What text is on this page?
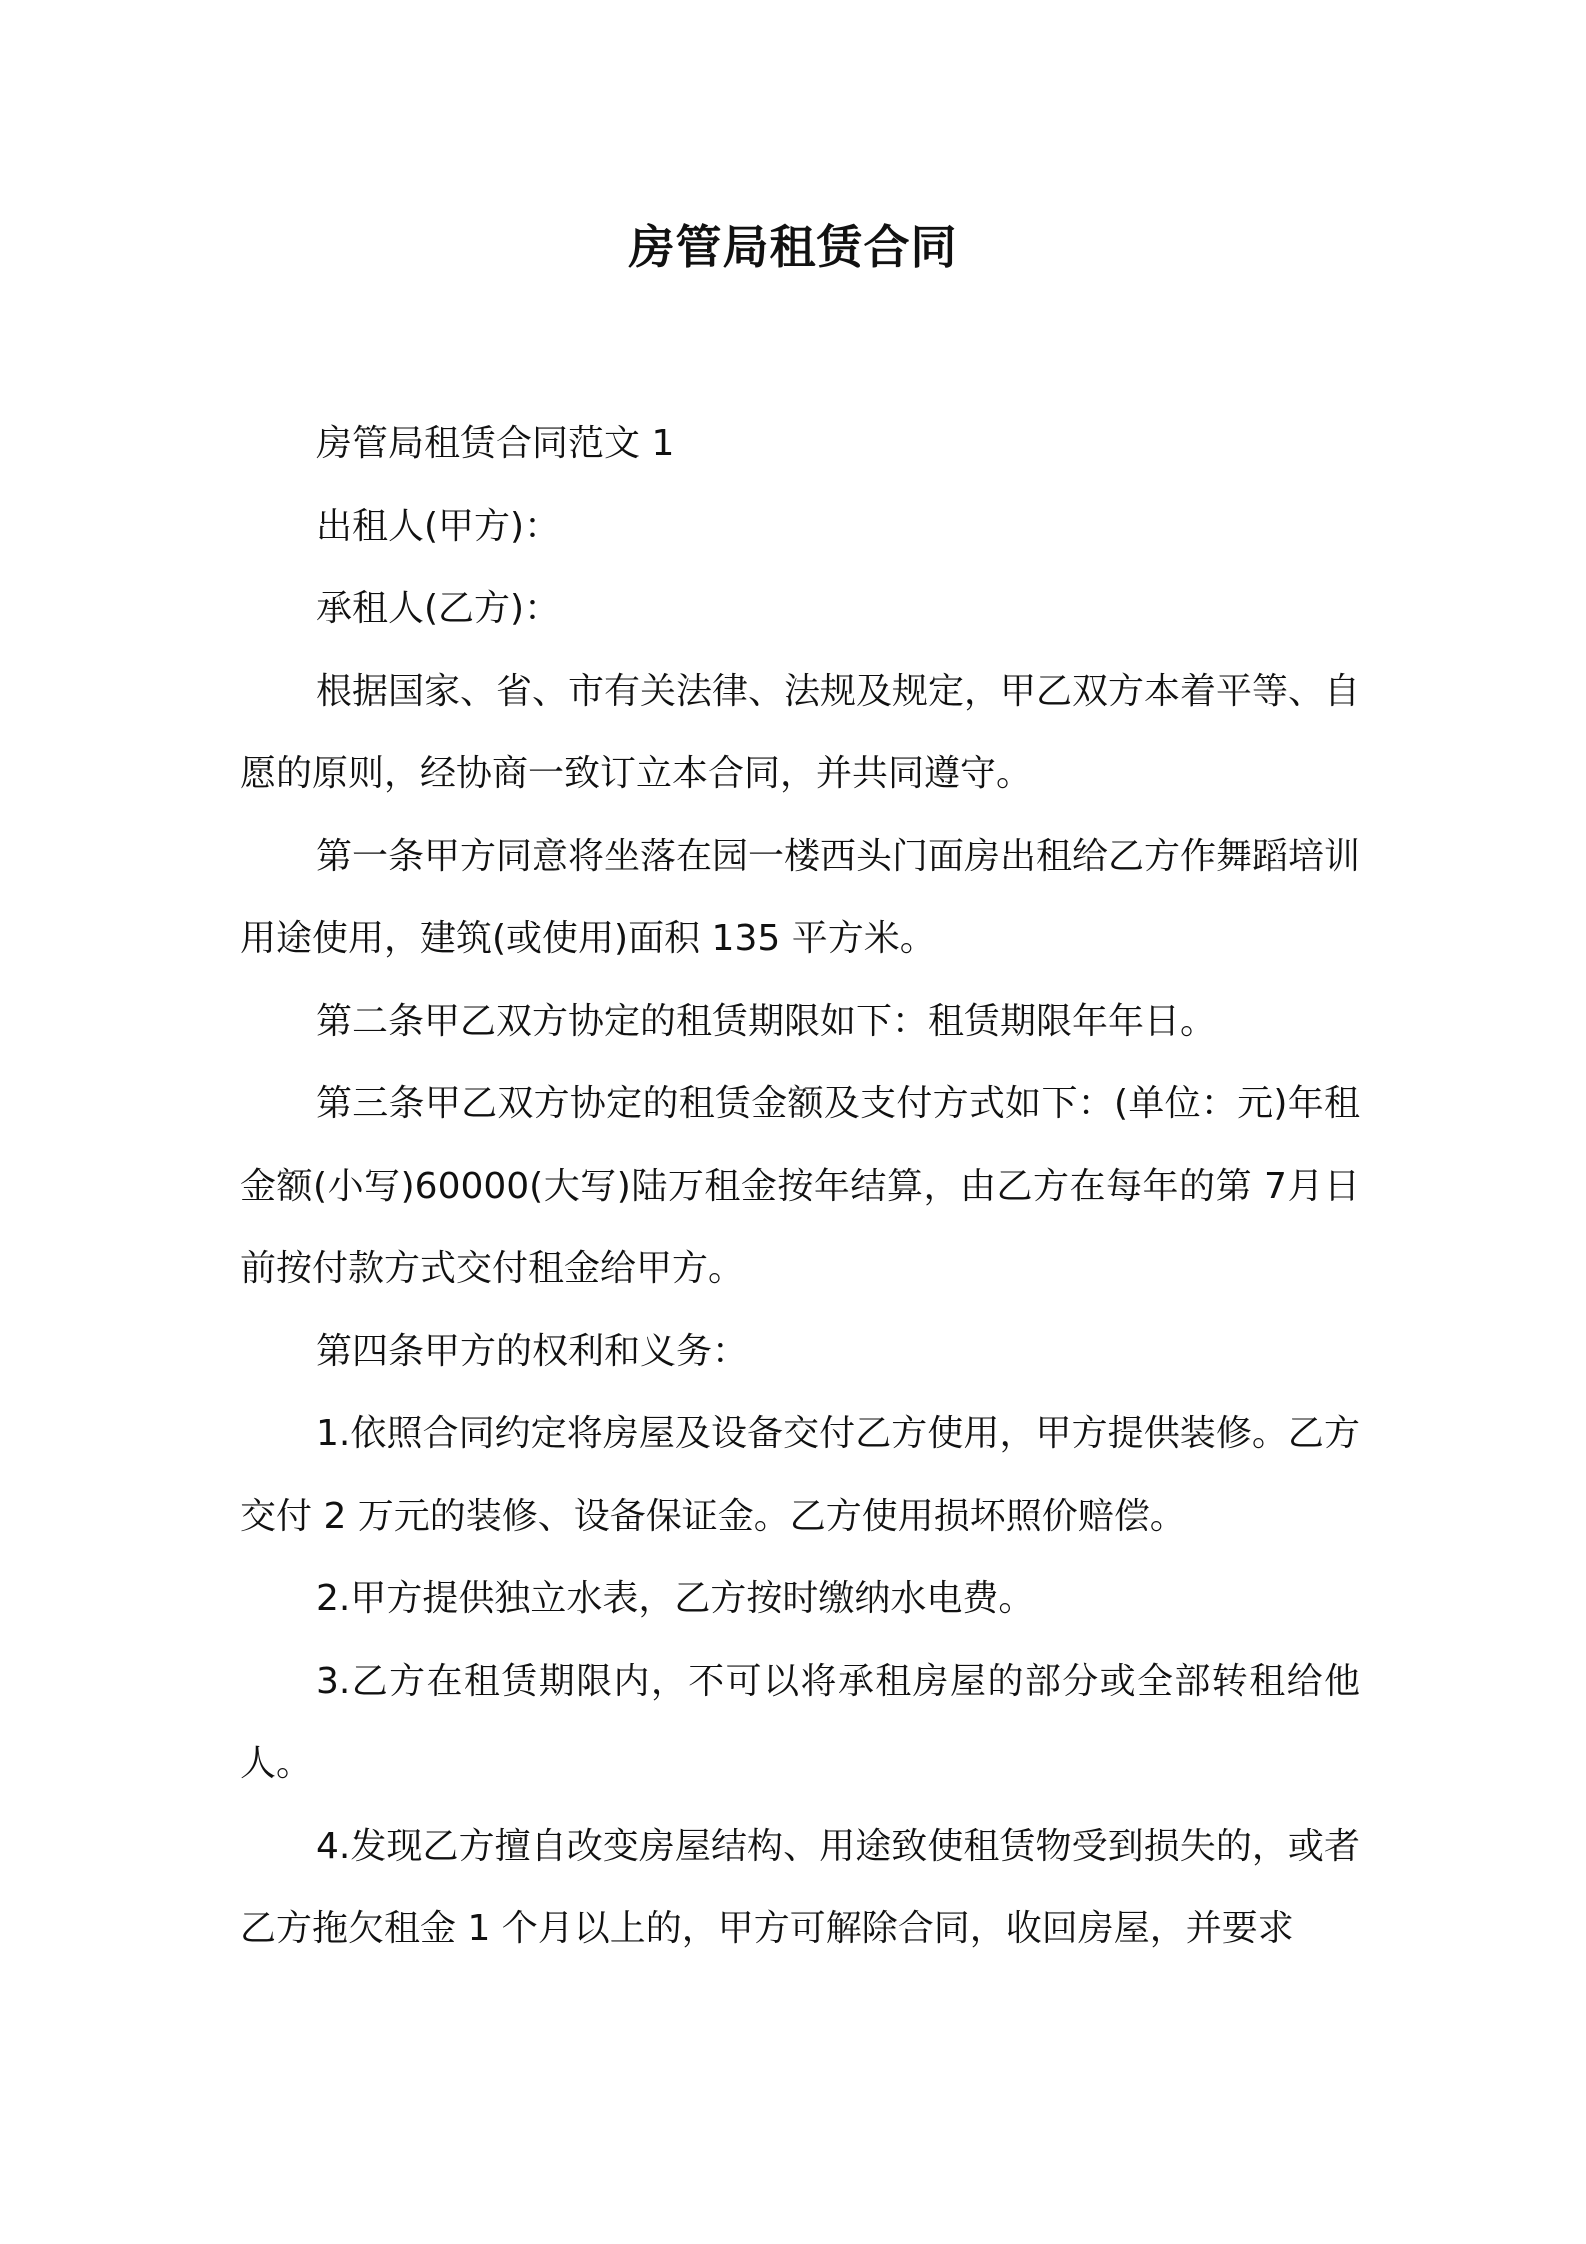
房管局租赁合同

房管局租赁合同范文 1

出租人(甲方)：

承租人(乙方)：

根据国家、省、市有关法律、法规及规定，甲乙双方本着平等、自愿的原则，经协商一致订立本合同，并共同遵守。

第一条甲方同意将坐落在园一楼西头门面房出租给乙方作舞蹈培训用途使用，建筑(或使用)面积 135 平方米。

第二条甲乙双方协定的租赁期限如下：租赁期限年年日。

第三条甲乙双方协定的租赁金额及支付方式如下：(单位：元)年租金额(小写)60000(大写)陆万租金按年结算，由乙方在每年的第 7月日前按付款方式交付租金给甲方。

第四条甲方的权利和义务：

1.依照合同约定将房屋及设备交付乙方使用，甲方提供装修。乙方交付 2 万元的装修、设备保证金。乙方使用损坏照价赔偿。

2.甲方提供独立水表，乙方按时缴纳水电费。

3.乙方在租赁期限内，不可以将承租房屋的部分或全部转租给他人。

4.发现乙方擅自改变房屋结构、用途致使租赁物受到损失的，或者乙方拖欠租金 1 个月以上的，甲方可解除合同，收回房屋，并要求
